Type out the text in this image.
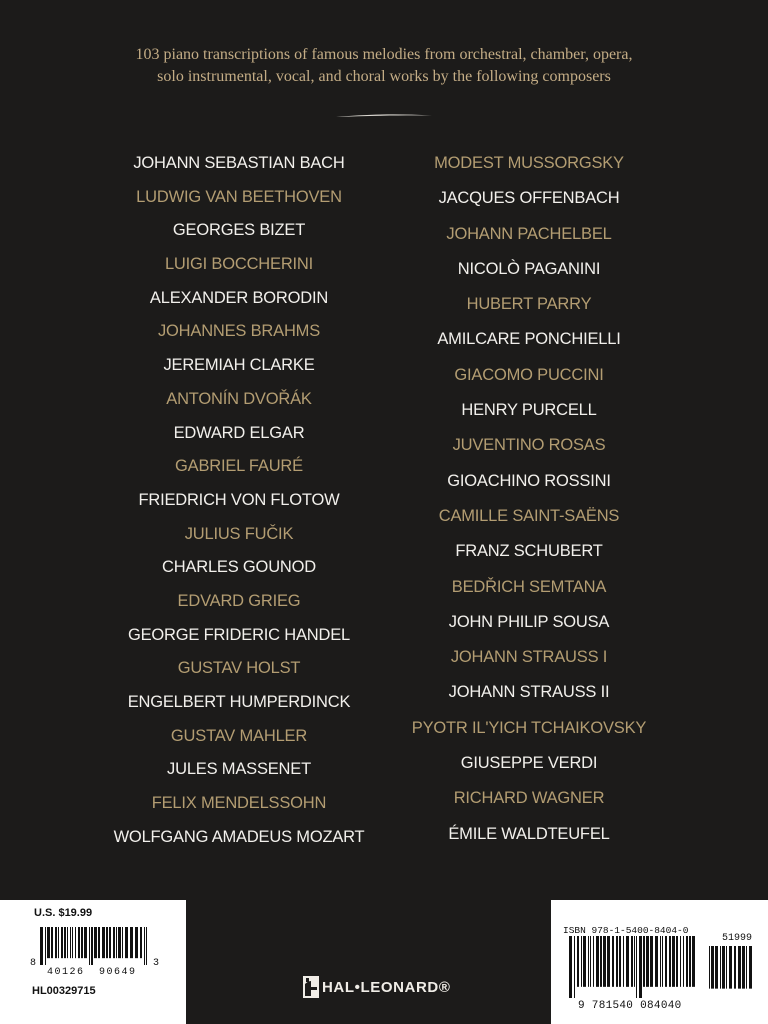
103 piano transcriptions of famous melodies from orchestral, chamber, opera,
solo instrumental, vocal, and choral works by the following composers
JOHANN SEBASTIAN BACH
LUDWIG VAN BEETHOVEN
GEORGES BIZET
LUIGI BOCCHERINI
ALEXANDER BORODIN
JOHANNES BRAHMS
JEREMIAH CLARKE
ANTONÍN DVOŘÁK
EDWARD ELGAR
GABRIEL FAURÉ
FRIEDRICH VON FLOTOW
JULIUS FUČIK
CHARLES GOUNOD
EDVARD GRIEG
GEORGE FRIDERIC HANDEL
GUSTAV HOLST
ENGELBERT HUMPERDINCK
GUSTAV MAHLER
JULES MASSENET
FELIX MENDELSSOHN
WOLFGANG AMADEUS MOZART
MODEST MUSSORGSKY
JACQUES OFFENBACH
JOHANN PACHELBEL
NICOLÒ PAGANINI
HUBERT PARRY
AMILCARE PONCHIELLI
GIACOMO PUCCINI
HENRY PURCELL
JUVENTINO ROSAS
GIOACHINO ROSSINI
CAMILLE SAINT-SAËNS
FRANZ SCHUBERT
BEDŘICH SEMTANA
JOHN PHILIP SOUSA
JOHANN STRAUSS I
JOHANN STRAUSS II
PYOTR IL'YICH TCHAIKOVSKY
GIUSEPPE VERDI
RICHARD WAGNER
ÉMILE WALDTEUFEL
U.S. $19.99
8
40126 90649
3
HL00329715
ISBN 978-1-5400-8404-0
51999
9 781540 084040
HAL•LEONARD®
